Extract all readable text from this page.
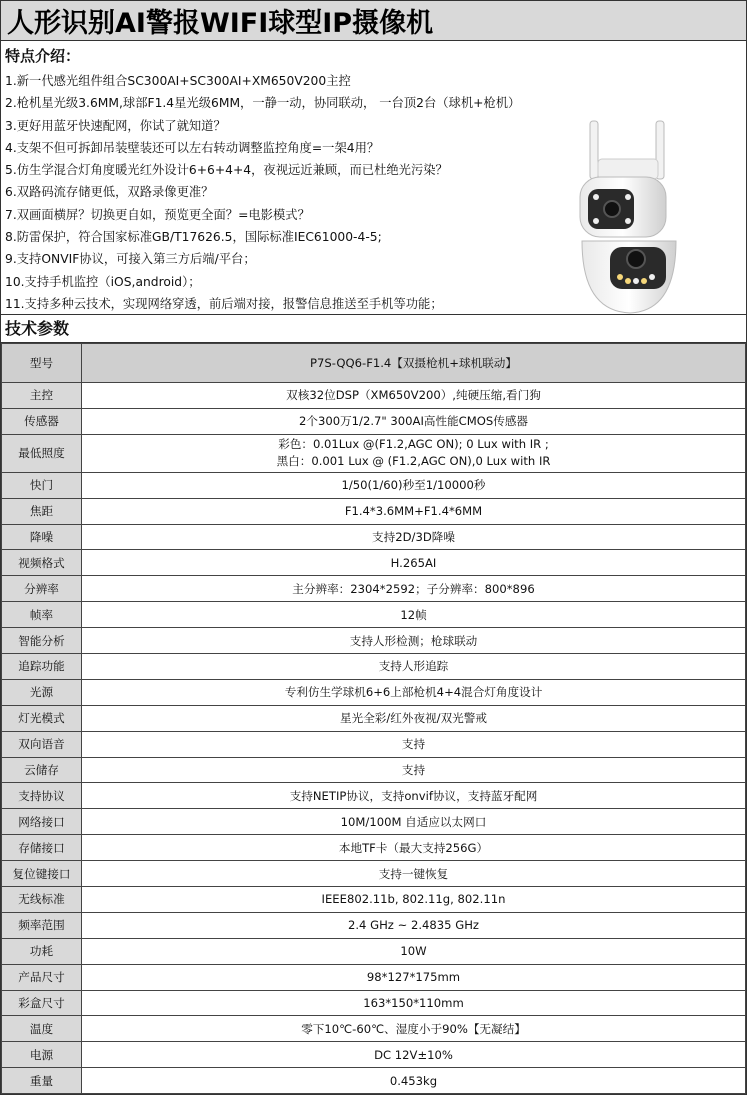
人形识别AI警报WIFI球型IP摄像机
特点介绍：
1.新一代感光组件组合SC300AI+SC300AI+XM650V200主控
2.枪机星光级3.6MM,球部F1.4星光级6MM，一静一动，协同联动， 一台顶2台（球机+枪机）
3.更好用蓝牙快速配网，你试了就知道？
4.支架不但可拆卸吊装壁装还可以左右转动调整监控角度=一架4用？
5.仿生学混合灯角度暖光红外设计6+6+4+4，夜视远近兼顾，而已杜绝光污染？
6.双路码流存储更低，双路录像更准？
7.双画面横屏？切换更自如，预览更全面？=电影模式？
8.防雷保护，符合国家标准GB/T17626.5，国际标准IEC61000-4-5;
9.支持ONVIF协议，可接入第三方后端/平台；
10.支持手机监控（iOS,android）；
11.支持多种云技术，实现网络穿透，前后端对接，报警信息推送至手机等功能；
技术参数
型号	P7S-QQ6-F1.4【双摄枪机+球机联动】
主控	双核32位DSP（XM650V200）,纯硬压缩,看门狗
传感器	2个300万1/2.7" 300AI高性能CMOS传感器
最低照度	彩色：0.01Lux @(F1.2,AGC ON); 0 Lux with IR ;
黑白：0.001 Lux @ (F1.2,AGC ON),0 Lux with IR

快门	1/50(1/60)秒至1/10000秒
焦距	F1.4*3.6MM+F1.4*6MM
降噪	支持2D/3D降噪
视频格式	H.265AI
分辨率	主分辨率：2304*2592；子分辨率：800*896
帧率	12帧
智能分析	支持人形检测；枪球联动
追踪功能	支持人形追踪
光源	专利仿生学球机6+6上部枪机4+4混合灯角度设计
灯光模式	星光全彩/红外夜视/双光警戒
双向语音	支持
云储存	支持
支持协议	支持NETIP协议，支持onvif协议，支持蓝牙配网
网络接口	10M/100M 自适应以太网口
存储接口	本地TF卡（最大支持256G）
复位键接口	支持一键恢复
无线标准	IEEE802.11b, 802.11g, 802.11n
频率范围	2.4 GHz ~ 2.4835 GHz
功耗	10W
产品尺寸	98*127*175mm
彩盒尺寸	163*150*110mm
温度	零下10℃-60℃、湿度小于90%【无凝结】
电源	DC 12V±10%
重量	0.453kg
